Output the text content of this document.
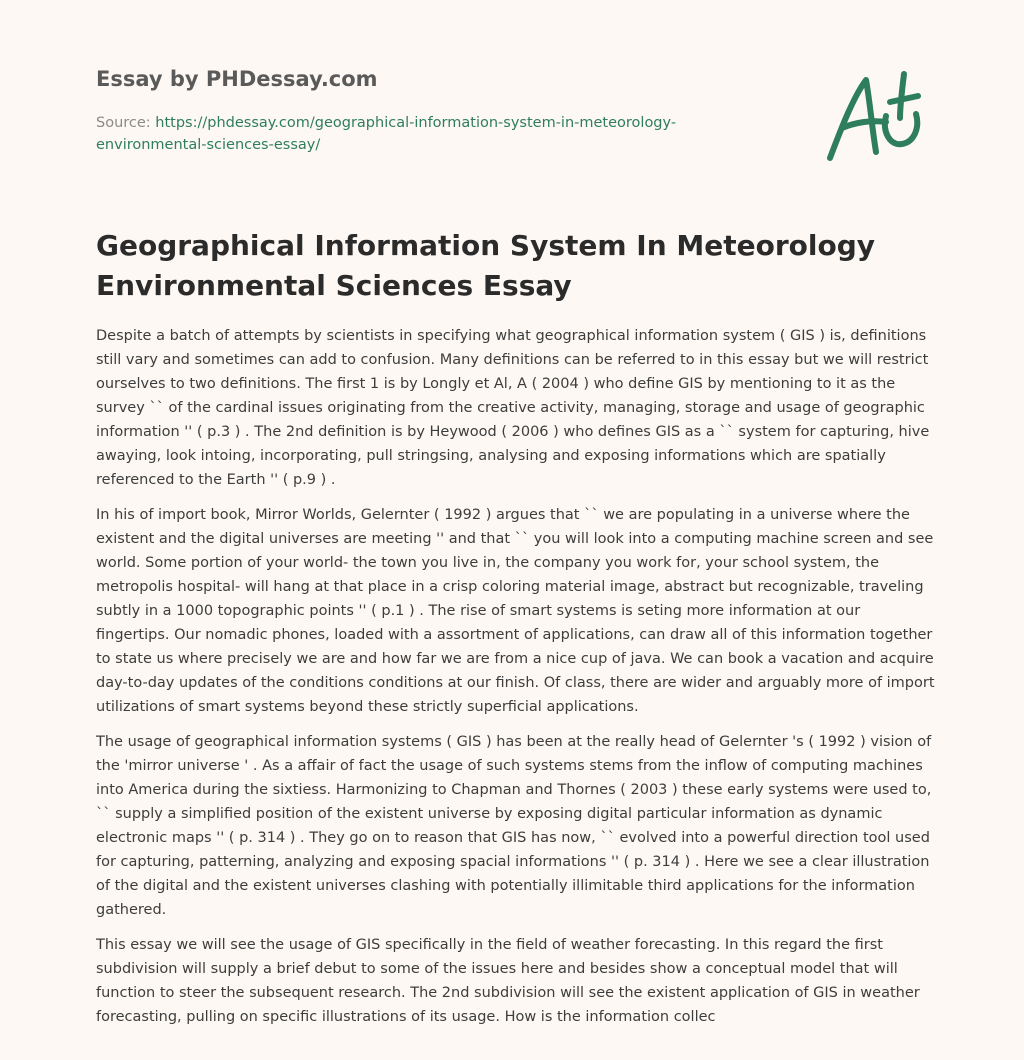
Essay by PHDessay.com

Source: https://phdessay.com/geographical-information-system-in-meteorology-environmental-sciences-essay/

Geographical Information System In Meteorology Environmental Sciences Essay

Despite a batch of attempts by scientists in specifying what geographical information system ( GIS ) is, definitions still vary and sometimes can add to confusion. Many definitions can be referred to in this essay but we will restrict ourselves to two definitions. The first 1 is by Longly et Al, A ( 2004 ) who define GIS by mentioning to it as the survey `` of the cardinal issues originating from the creative activity, managing, storage and usage of geographic information '' ( p.3 ) . The 2nd definition is by Heywood ( 2006 ) who defines GIS as a `` system for capturing, hive awaying, look intoing, incorporating, pull stringsing, analysing and exposing informations which are spatially referenced to the Earth '' ( p.9 ) .

In his of import book, Mirror Worlds, Gelernter ( 1992 ) argues that `` we are populating in a universe where the existent and the digital universes are meeting '' and that `` you will look into a computing machine screen and see world. Some portion of your world- the town you live in, the company you work for, your school system, the metropolis hospital- will hang at that place in a crisp coloring material image, abstract but recognizable, traveling subtly in a 1000 topographic points '' ( p.1 ) . The rise of smart systems is seting more information at our fingertips. Our nomadic phones, loaded with a assortment of applications, can draw all of this information together to state us where precisely we are and how far we are from a nice cup of java. We can book a vacation and acquire day-to-day updates of the conditions conditions at our finish. Of class, there are wider and arguably more of import utilizations of smart systems beyond these strictly superficial applications.

The usage of geographical information systems ( GIS ) has been at the really head of Gelernter 's ( 1992 ) vision of the 'mirror universe ' . As a affair of fact the usage of such systems stems from the inflow of computing machines into America during the sixtiess. Harmonizing to Chapman and Thornes ( 2003 ) these early systems were used to, `` supply a simplified position of the existent universe by exposing digital particular information as dynamic electronic maps '' ( p. 314 ) . They go on to reason that GIS has now, `` evolved into a powerful direction tool used for capturing, patterning, analyzing and exposing spacial informations '' ( p. 314 ) . Here we see a clear illustration of the digital and the existent universes clashing with potentially illimitable third applications for the information gathered.

This essay we will see the usage of GIS specifically in the field of weather forecasting. In this regard the first subdivision will supply a brief debut to some of the issues here and besides show a conceptual model that will function to steer the subsequent research. The 2nd subdivision will see the existent application of GIS in weather forecasting, pulling on specific illustrations of its usage. How is the information collec
